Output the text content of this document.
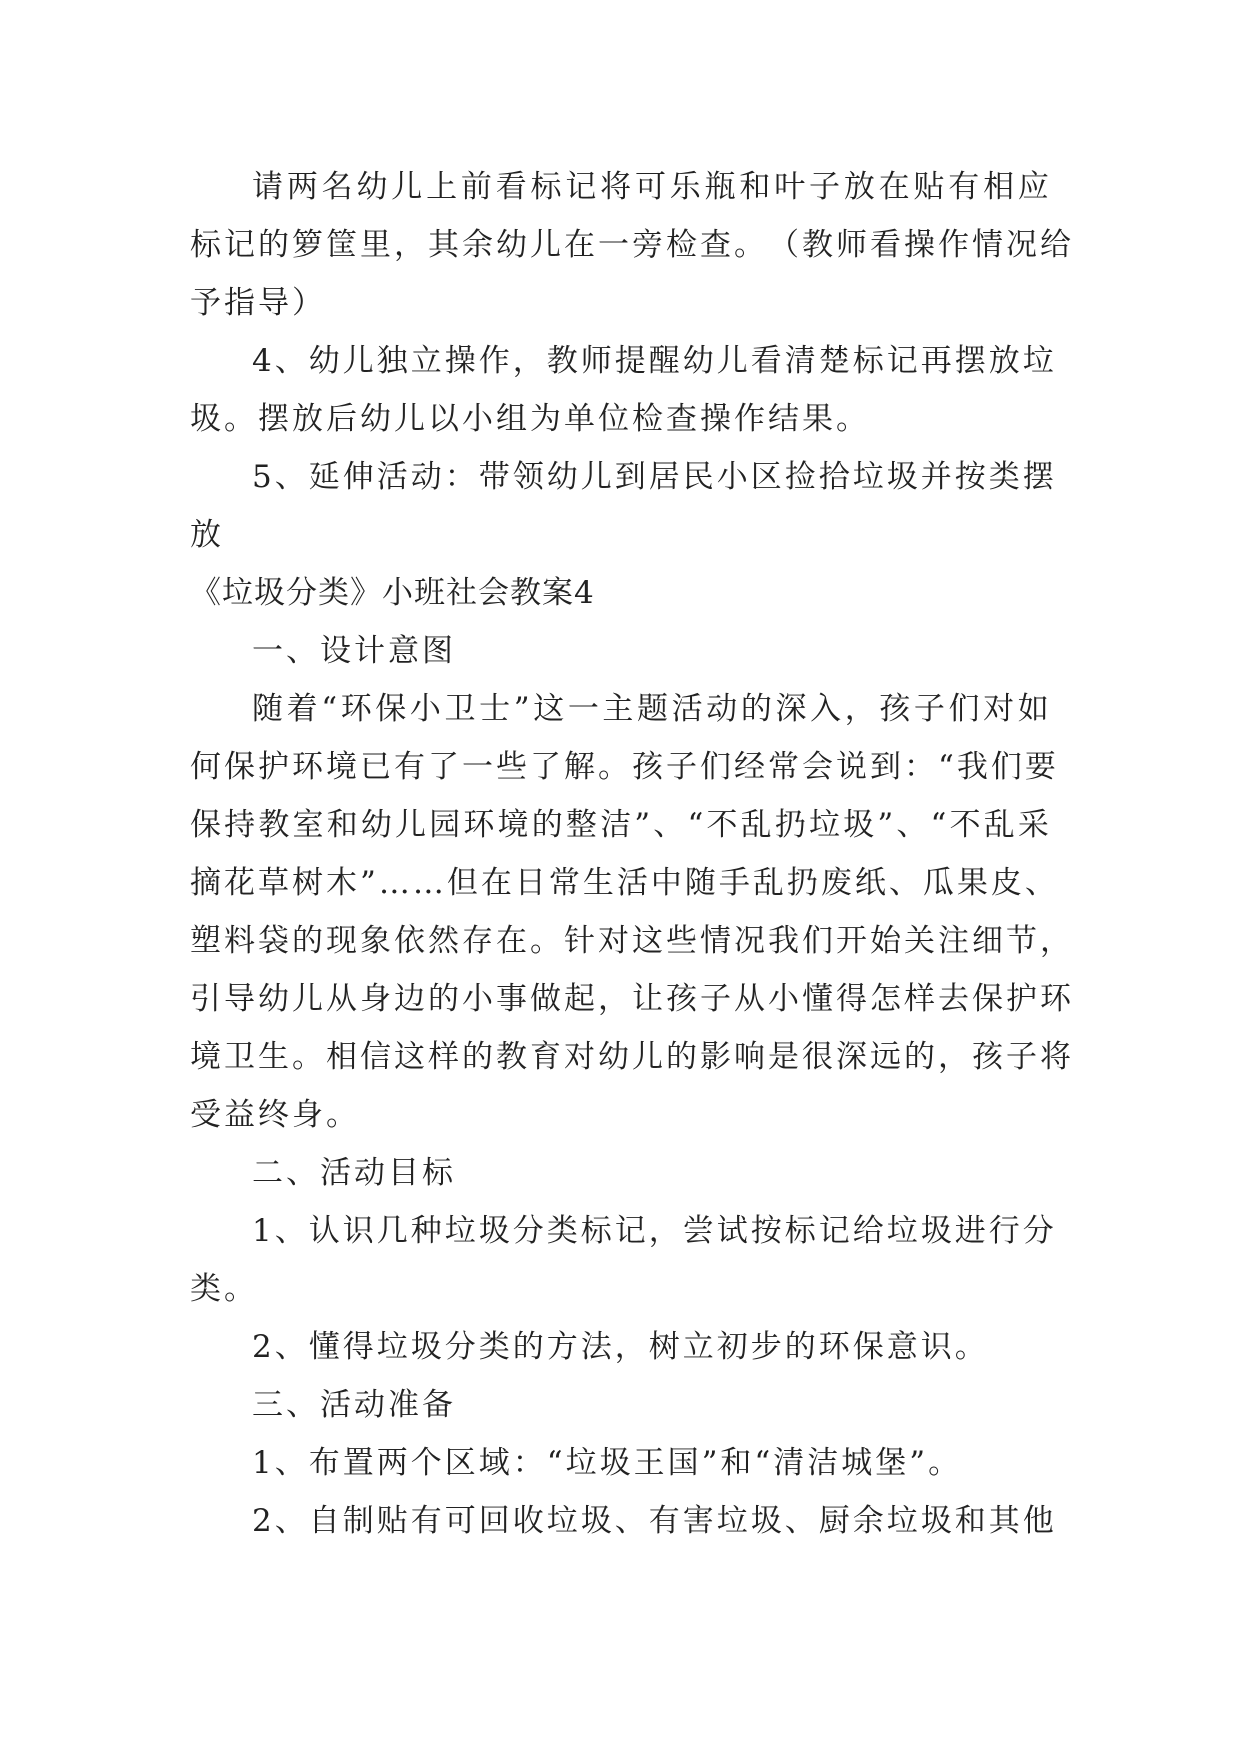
请 两 名 幼 儿 上 前 看 标 记 将 可 乐 瓶 和 叶 子 放 在 贴 有 相 应
标 记 的 箩 筐 里 ， 其 余 幼 儿 在 一 旁 检 查 。 （ 教 师 看 操 作 情 况 给
予指导）
4 、 幼 儿 独 立 操 作 ， 教 师 提 醒 幼 儿 看 清 楚 标 记 再 摆 放 垃
圾。摆放后幼儿以小组为单位检查操作结果。
5 、 延 伸 活 动 ： 带 领 幼 儿 到 居 民 小 区 捡 拾 垃 圾 并 按 类 摆
放
《垃圾分类》小班社会教案4
一、设计意图
随 着 “ 环 保 小 卫 士 ” 这 一 主 题 活 动 的 深 入 ， 孩 子 们 对 如
何 保 护 环 境 已 有 了 一 些 了 解 。 孩 子 们 经 常 会 说 到 ： “ 我 们 要
保 持 教 室 和 幼 儿 园 环 境 的 整 洁 ” 、 “ 不 乱 扔 垃 圾 ” 、 “ 不 乱 采
摘 花 草 树 木 ” … … 但 在 日 常 生 活 中 随 手 乱 扔 废 纸 、 瓜 果 皮 、
塑 料 袋 的 现 象 依 然 存 在 。 针 对 这 些 情 况 我 们 开 始 关 注 细 节 ，
引 导 幼 儿 从 身 边 的 小 事 做 起 ， 让 孩 子 从 小 懂 得 怎 样 去 保 护 环
境 卫 生 。 相 信 这 样 的 教 育 对 幼 儿 的 影 响 是 很 深 远 的 ， 孩 子 将
受益终身。
二、活动目标
1 、 认 识 几 种 垃 圾 分 类 标 记 ， 尝 试 按 标 记 给 垃 圾 进 行 分
类。
2、懂得垃圾分类的方法，树立初步的环保意识。
三、活动准备
1、布置两个区域：“垃圾王国”和“清洁城堡”。
2 、 自 制 贴 有 可 回 收 垃 圾 、 有 害 垃 圾 、 厨 余 垃 圾 和 其 他
